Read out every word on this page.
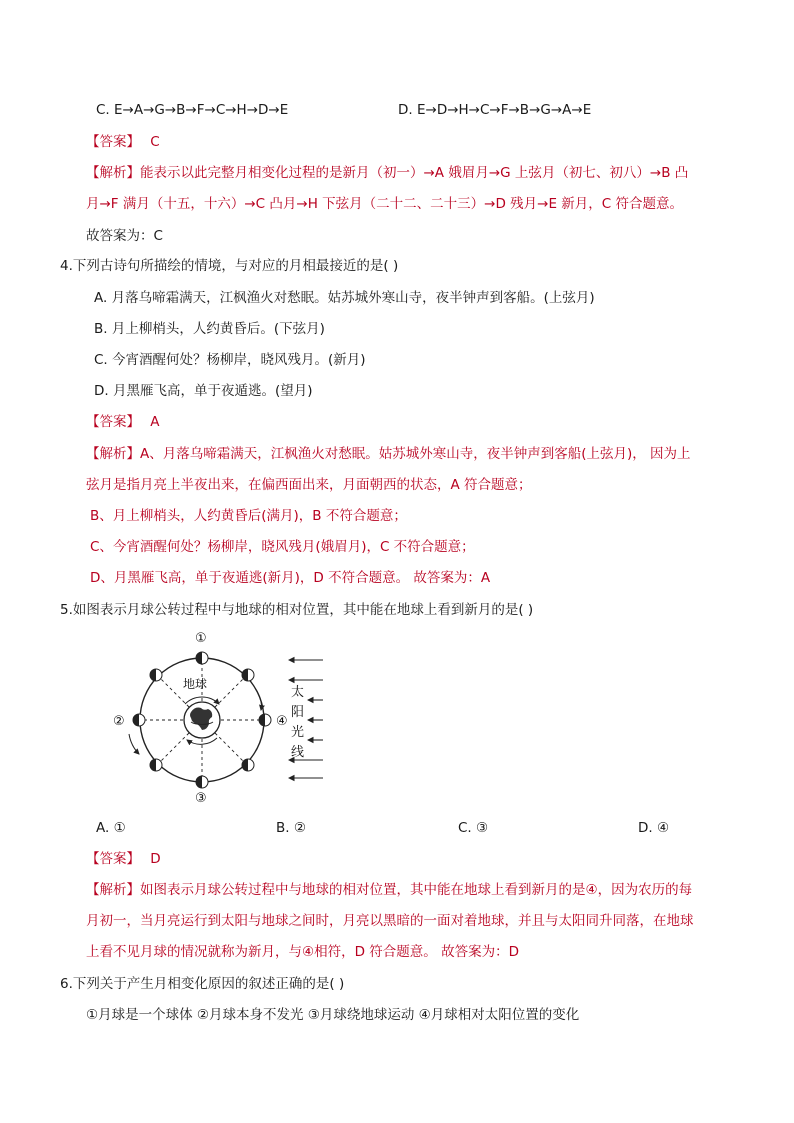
C. E→A→G→B→F→C→H→D→E	D. E→D→H→C→F→B→G→A→E
【答案】 C
【解析】能表示以此完整月相变化过程的是新月（初一）→A 娥眉月→G 上弦月（初七、初八）→B 凸
月→F 满月（十五，十六）→C 凸月→H 下弦月（二十二、二十三）→D 残月→E 新月，C 符合题意。
故答案为：C
4.下列古诗句所描绘的情境，与对应的月相最接近的是( )
A. 月落乌啼霜满天，江枫渔火对愁眠。姑苏城外寒山寺，夜半钟声到客船。(上弦月)
B. 月上柳梢头，人约黄昏后。(下弦月)
C. 今宵酒醒何处？杨柳岸，晓风残月。(新月)
D. 月黑雁飞高，单于夜遁逃。(望月)
【答案】 A
【解析】A、月落乌啼霜满天，江枫渔火对愁眠。姑苏城外寒山寺，夜半钟声到客船(上弦月)， 因为上
弦月是指月亮上半夜出来，在偏西面出来，月面朝西的状态，A 符合题意；
B、月上柳梢头，人约黄昏后(满月)，B 不符合题意；
C、今宵酒醒何处？杨柳岸，晓风残月(娥眉月)，C 不符合题意；
D、月黑雁飞高，单于夜遁逃(新月)，D 不符合题意。 故答案为：A
5.如图表示月球公转过程中与地球的相对位置，其中能在地球上看到新月的是( )
地球
①
②
③
④
太
阳
光
线
A. ①	B. ②	C. ③	D. ④
【答案】 D
【解析】如图表示月球公转过程中与地球的相对位置，其中能在地球上看到新月的是④，因为农历的每
月初一，当月亮运行到太阳与地球之间时，月亮以黑暗的一面对着地球，并且与太阳同升同落，在地球
上看不见月球的情况就称为新月，与④相符，D 符合题意。 故答案为：D
6.下列关于产生月相变化原因的叙述正确的是( )
①月球是一个球体 ②月球本身不发光 ③月球绕地球运动 ④月球相对太阳位置的变化
